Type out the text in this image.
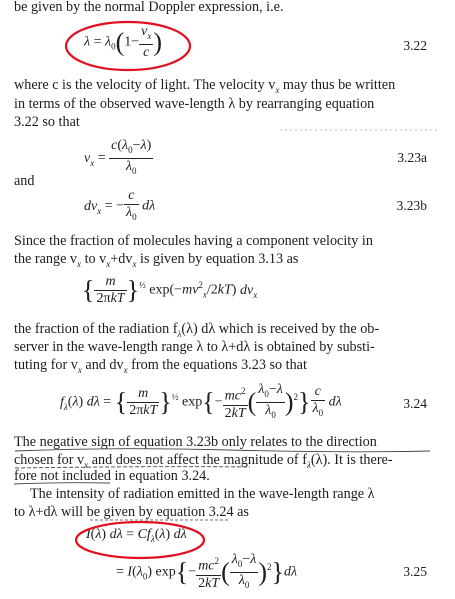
be given by the normal Doppler expression, i.e.
$\lambda = \lambda_0(1- \frac{v_x}{c}$ )	3.22
where c is the velocity of light. The velocity $v_x$ may thus be written
in terms of the observed wave-length λ by rearranging equation
3.22 so that
$v_x = \frac{c(\lambda_0-\lambda)}{\lambda_0}$	3.23a
and
$dv_x$ = − $\frac{c}{\lambda_0}$ dλ	3.23b
Since the fraction of molecules having a component velocity in
the range $v_x$ to $v_x+dv_x$ is given by equation 3.13 as
{ $\frac{m}{\text{2πkT}} \}^{\frac{1}{2}}$ $\exp(-mv^2_x/2kT)$ $dv_x$
the fraction of the radiation $f_\lambda(\lambda)$ dλ which is received by the ob-
server in the wave-length range λ to λ+dλ is obtained by substi-
tuting for $v_x$ and $dv_x$ from the equations 3.23 so that
$f_\lambda(\lambda) d\lambda$ = { $\frac{m}{\text{2πkT}} \}^{\frac{1}{2}}$ $\exp\{- \frac{mc^2}{2kT}$ ( $\frac{\lambda_0-\lambda}{\lambda_0} )^2\} \frac{c}{\lambda_0}$ dλ	3.24
The negative sign of equation 3.23b only relates to the direction
chosen for $v_x$ and does not affect the magnitude of $f_\lambda(\lambda)$. It is there-
fore not included in equation 3.24.
The intensity of radiation emitted in the wave-length range λ
to λ+dλ will be given by equation 3.24 as
I(λ) $d\lambda = Cf_\lambda(\lambda)$ dλ
= $I(\lambda_0)$ $\exp\{- \frac{mc^2}{2kT}$ ( $\frac{\lambda_0-\lambda}{\lambda_0} )^2\}d\lambda$	3.25
